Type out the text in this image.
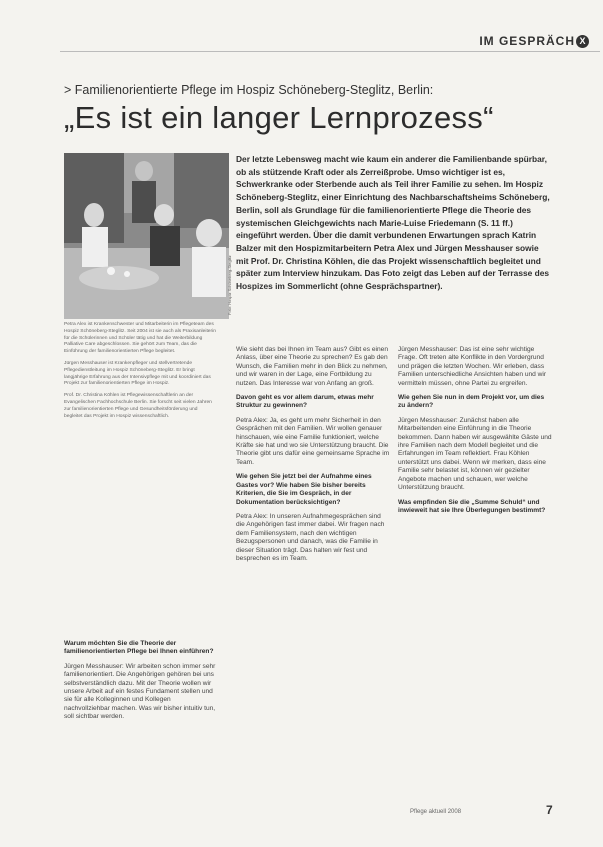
IM GESPRÄCH X
> Familienorientierte Pflege im Hospiz Schöneberg-Steglitz, Berlin:
„Es ist ein langer Lernprozess“
Foto: Hospiz Schöneberg-Steglitz

Der letzte Lebensweg macht wie kaum ein anderer die Familienbande spürbar, ob als stützende Kraft oder als Zerreißprobe. Umso wichtiger ist es, Schwerkranke oder Sterbende auch als Teil ihrer Familie zu sehen. Im Hospiz Schöneberg-Steglitz, einer Einrichtung des Nachbarschaftsheims Schöneberg, Berlin, soll als Grundlage für die familienorientierte Pflege die Theorie des systemischen Gleichgewichts nach Marie-Luise Friedemann (S. 11 ff.) eingeführt werden. Über die damit verbundenen Erwartungen sprach Katrin Balzer mit den Hospizmitarbeitern Petra Alex und Jürgen Messhauser sowie mit Prof. Dr. Christina Köhlen, die das Projekt wissenschaftlich begleitet und später zum Interview hinzukam. Das Foto zeigt das Leben auf der Terrasse des Hospizes im Sommerlicht (ohne Gesprächspartner).

Petra Alex ist Krankenschwester und Mitarbeiterin im Pflegeteam des Hospiz Schöneberg-Steglitz. Seit 2004 ist sie auch als Praxisanleiterin für die Schülerinnen und Schüler tätig und hat die Weiterbildung Palliative Care abgeschlossen. Sie gehört zum Team, das die Einführung der familienorientierten Pflege begleitet.

Jürgen Messhauser ist Krankenpfleger und stellvertretende Pflegedienstleitung im Hospiz Schöneberg-Steglitz. Er bringt langjährige Erfahrung aus der Intensivpflege mit und koordiniert das Projekt zur familienorientierten Pflege im Hospiz.

Prof. Dr. Christina Köhlen ist Pflegewissenschaftlerin an der Evangelischen Fachhochschule Berlin. Sie forscht seit vielen Jahren zur familienorientierten Pflege und Gesundheitsförderung und begleitet das Projekt im Hospiz wissenschaftlich.

Warum möchten Sie die Theorie der familienorientierten Pflege bei Ihnen einführen?

Jürgen Messhauser: Wir arbeiten schon immer sehr familienorientiert. Die Angehörigen gehören bei uns selbstverständlich dazu. Mit der Theorie wollen wir unsere Arbeit auf ein festes Fundament stellen und sie für alle Kolleginnen und Kollegen nachvollziehbar machen. Was wir bisher intuitiv tun, soll sichtbar werden.

Wie sieht das bei Ihnen im Team aus? Gibt es einen Anlass, über eine Theorie zu sprechen? Es gab den Wunsch, die Familien mehr in den Blick zu nehmen, und wir waren in der Lage, eine Fortbildung zu nutzen. Das Interesse war von Anfang an groß.

Davon geht es vor allem darum, etwas mehr Struktur zu gewinnen?

Petra Alex: Ja, es geht um mehr Sicherheit in den Gesprächen mit den Familien. Wir wollen genauer hinschauen, wie eine Familie funktioniert, welche Kräfte sie hat und wo sie Unterstützung braucht. Die Theorie gibt uns dafür eine gemeinsame Sprache im Team.

Wie gehen Sie jetzt bei der Aufnahme eines Gastes vor? Wie haben Sie bisher bereits Kriterien, die Sie im Gespräch, in der Dokumentation berücksichtigen?

Petra Alex: In unseren Aufnahmegesprächen sind die Angehörigen fast immer dabei. Wir fragen nach dem Familiensystem, nach den wichtigen Bezugspersonen und danach, was die Familie in dieser Situation trägt. Das halten wir fest und besprechen es im Team.

Jürgen Messhauser: Das ist eine sehr wichtige Frage. Oft treten alte Konflikte in den Vordergrund und prägen die letzten Wochen. Wir erleben, dass Familien unterschiedliche Ansichten haben und wir vermitteln müssen, ohne Partei zu ergreifen.

Wie gehen Sie nun in dem Projekt vor, um dies zu ändern?

Jürgen Messhauser: Zunächst haben alle Mitarbeitenden eine Einführung in die Theorie bekommen. Dann haben wir ausgewählte Gäste und ihre Familien nach dem Modell begleitet und die Erfahrungen im Team reflektiert. Frau Köhlen unterstützt uns dabei. Wenn wir merken, dass eine Familie sehr belastet ist, können wir gezielter Angebote machen und schauen, wer welche Unterstützung braucht.

Was empfinden Sie die „Summe Schuld“ und inwieweit hat sie Ihre Überlegungen bestimmt?

Pflege aktuell 2008	7
